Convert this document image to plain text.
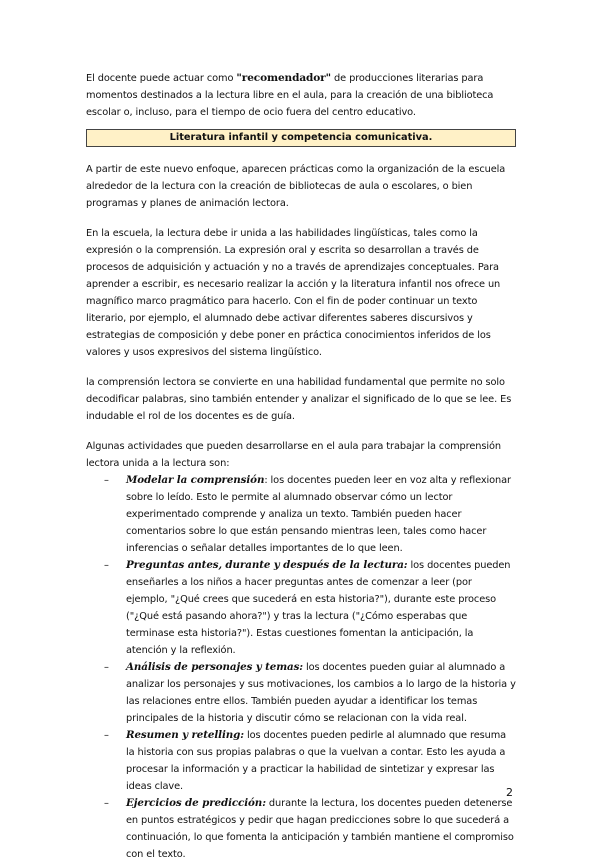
El docente puede actuar como "recomendador" de producciones literarias para momentos destinados a la lectura libre en el aula, para la creación de una biblioteca escolar o, incluso, para el tiempo de ocio fuera del centro educativo.

Literatura infantil y competencia comunicativa.

A partir de este nuevo enfoque, aparecen prácticas como la organización de la escuela alrededor de la lectura con la creación de bibliotecas de aula o escolares, o bien programas y planes de animación lectora.

En la escuela, la lectura debe ir unida a las habilidades lingüísticas, tales como la expresión o la comprensión. La expresión oral y escrita so desarrollan a través de procesos de adquisición y actuación y no a través de aprendizajes conceptuales. Para aprender a escribir, es necesario realizar la acción y la literatura infantil nos ofrece un magnífico marco pragmático para hacerlo. Con el fin de poder continuar un texto literario, por ejemplo, el alumnado debe activar diferentes saberes discursivos y estrategias de composición y debe poner en práctica conocimientos inferidos de los valores y usos expresivos del sistema lingüístico.

la comprensión lectora se convierte en una habilidad fundamental que permite no solo decodificar palabras, sino también entender y analizar el significado de lo que se lee. Es indudable el rol de los docentes es de guía.

Algunas actividades que pueden desarrollarse en el aula para trabajar la comprensión lectora unida a la lectura son:

– Modelar la comprensión: los docentes pueden leer en voz alta y reflexionar sobre lo leído. Esto le permite al alumnado observar cómo un lector experimentado comprende y analiza un texto. También pueden hacer comentarios sobre lo que están pensando mientras leen, tales como hacer inferencias o señalar detalles importantes de lo que leen.
– Preguntas antes, durante y después de la lectura: los docentes pueden enseñarles a los niños a hacer preguntas antes de comenzar a leer (por ejemplo, "¿Qué crees que sucederá en esta historia?"), durante este proceso ("¿Qué está pasando ahora?") y tras la lectura ("¿Cómo esperabas que terminase esta historia?"). Estas cuestiones fomentan la anticipación, la atención y la reflexión.
– Análisis de personajes y temas: los docentes pueden guiar al alumnado a analizar los personajes y sus motivaciones, los cambios a lo largo de la historia y las relaciones entre ellos. También pueden ayudar a identificar los temas principales de la historia y discutir cómo se relacionan con la vida real.
– Resumen y retelling: los docentes pueden pedirle al alumnado que resuma la historia con sus propias palabras o que la vuelvan a contar. Esto les ayuda a procesar la información y a practicar la habilidad de sintetizar y expresar las ideas clave.
– Ejercicios de predicción: durante la lectura, los docentes pueden detenerse en puntos estratégicos y pedir que hagan predicciones sobre lo que sucederá a continuación, lo que fomenta la anticipación y también mantiene el compromiso con el texto.
2
